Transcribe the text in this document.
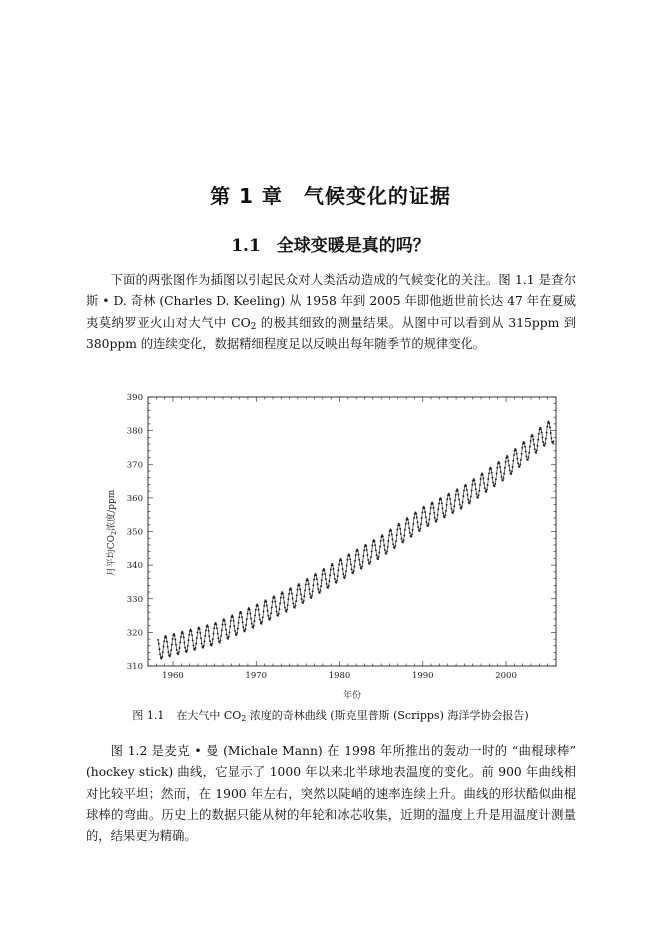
第 1 章　气候变化的证据
1.1 全球变暖是真的吗？

下面的两张图作为插图以引起民众对人类活动造成的气候变化的关注。图 1.1 是查尔斯 • D. 奇林 (Charles D. Keeling) 从 1958 年到 2005 年即他逝世前长达 47 年在夏威夷莫纳罗亚火山对大气中 $CO_2$ 的极其细致的测量结果。从图中可以看到从 315ppm 到 380ppm 的连续变化，数据精细程度足以反映出每年随季节的规律变化。

1960	1970	1980	1990	2000
310
320
330
340
350
360
370
380
390
年份
月平均$CO_2$浓度/ppm

图 1.1 在大气中 $CO_2$ 浓度的奇林曲线 (斯克里普斯 (Scripps) 海洋学协会报告)

图 1.2 是麦克 • 曼 (Michale Mann) 在 1998 年所推出的轰动一时的 “曲棍球棒” (hockey stick) 曲线，它显示了 1000 年以来北半球地表温度的变化。前 900 年曲线相对比较平坦；然而，在 1900 年左右，突然以陡峭的速率连续上升。曲线的形状酷似曲棍球棒的弯曲。历史上的数据只能从树的年轮和冰芯收集，近期的温度上升是用温度计测量的，结果更为精确。
